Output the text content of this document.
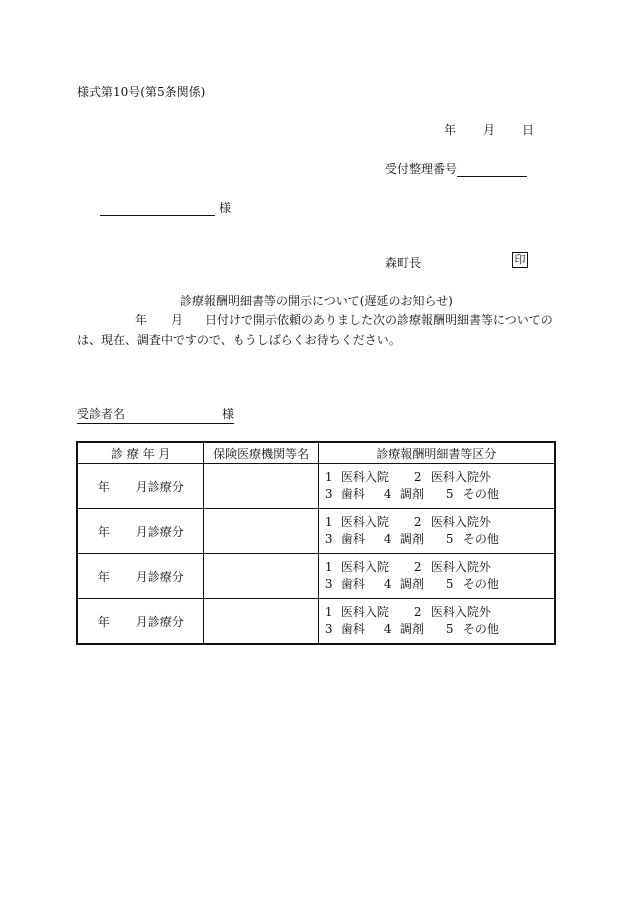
様式第10号(第5条関係)
年 月 日
受付整理番号
様
森町長	印
診療報酬明細書等の開示について(遅延のお知らせ)
年 月 日付けで開示依頼のありました次の診療報酬明細書等についての
は、現在、調査中ですので、もうしばらくお待ちください。
受診者名	様
診 療 年 月	保険医療機関等名	診療報酬明細書等区分
年 月診療分		1 医科入院 2 医科入院外
3 歯科 4 調剤 5 その他

年 月診療分		1 医科入院 2 医科入院外
3 歯科 4 調剤 5 その他

年 月診療分		1 医科入院 2 医科入院外
3 歯科 4 調剤 5 その他

年 月診療分		1 医科入院 2 医科入院外
3 歯科 4 調剤 5 その他
